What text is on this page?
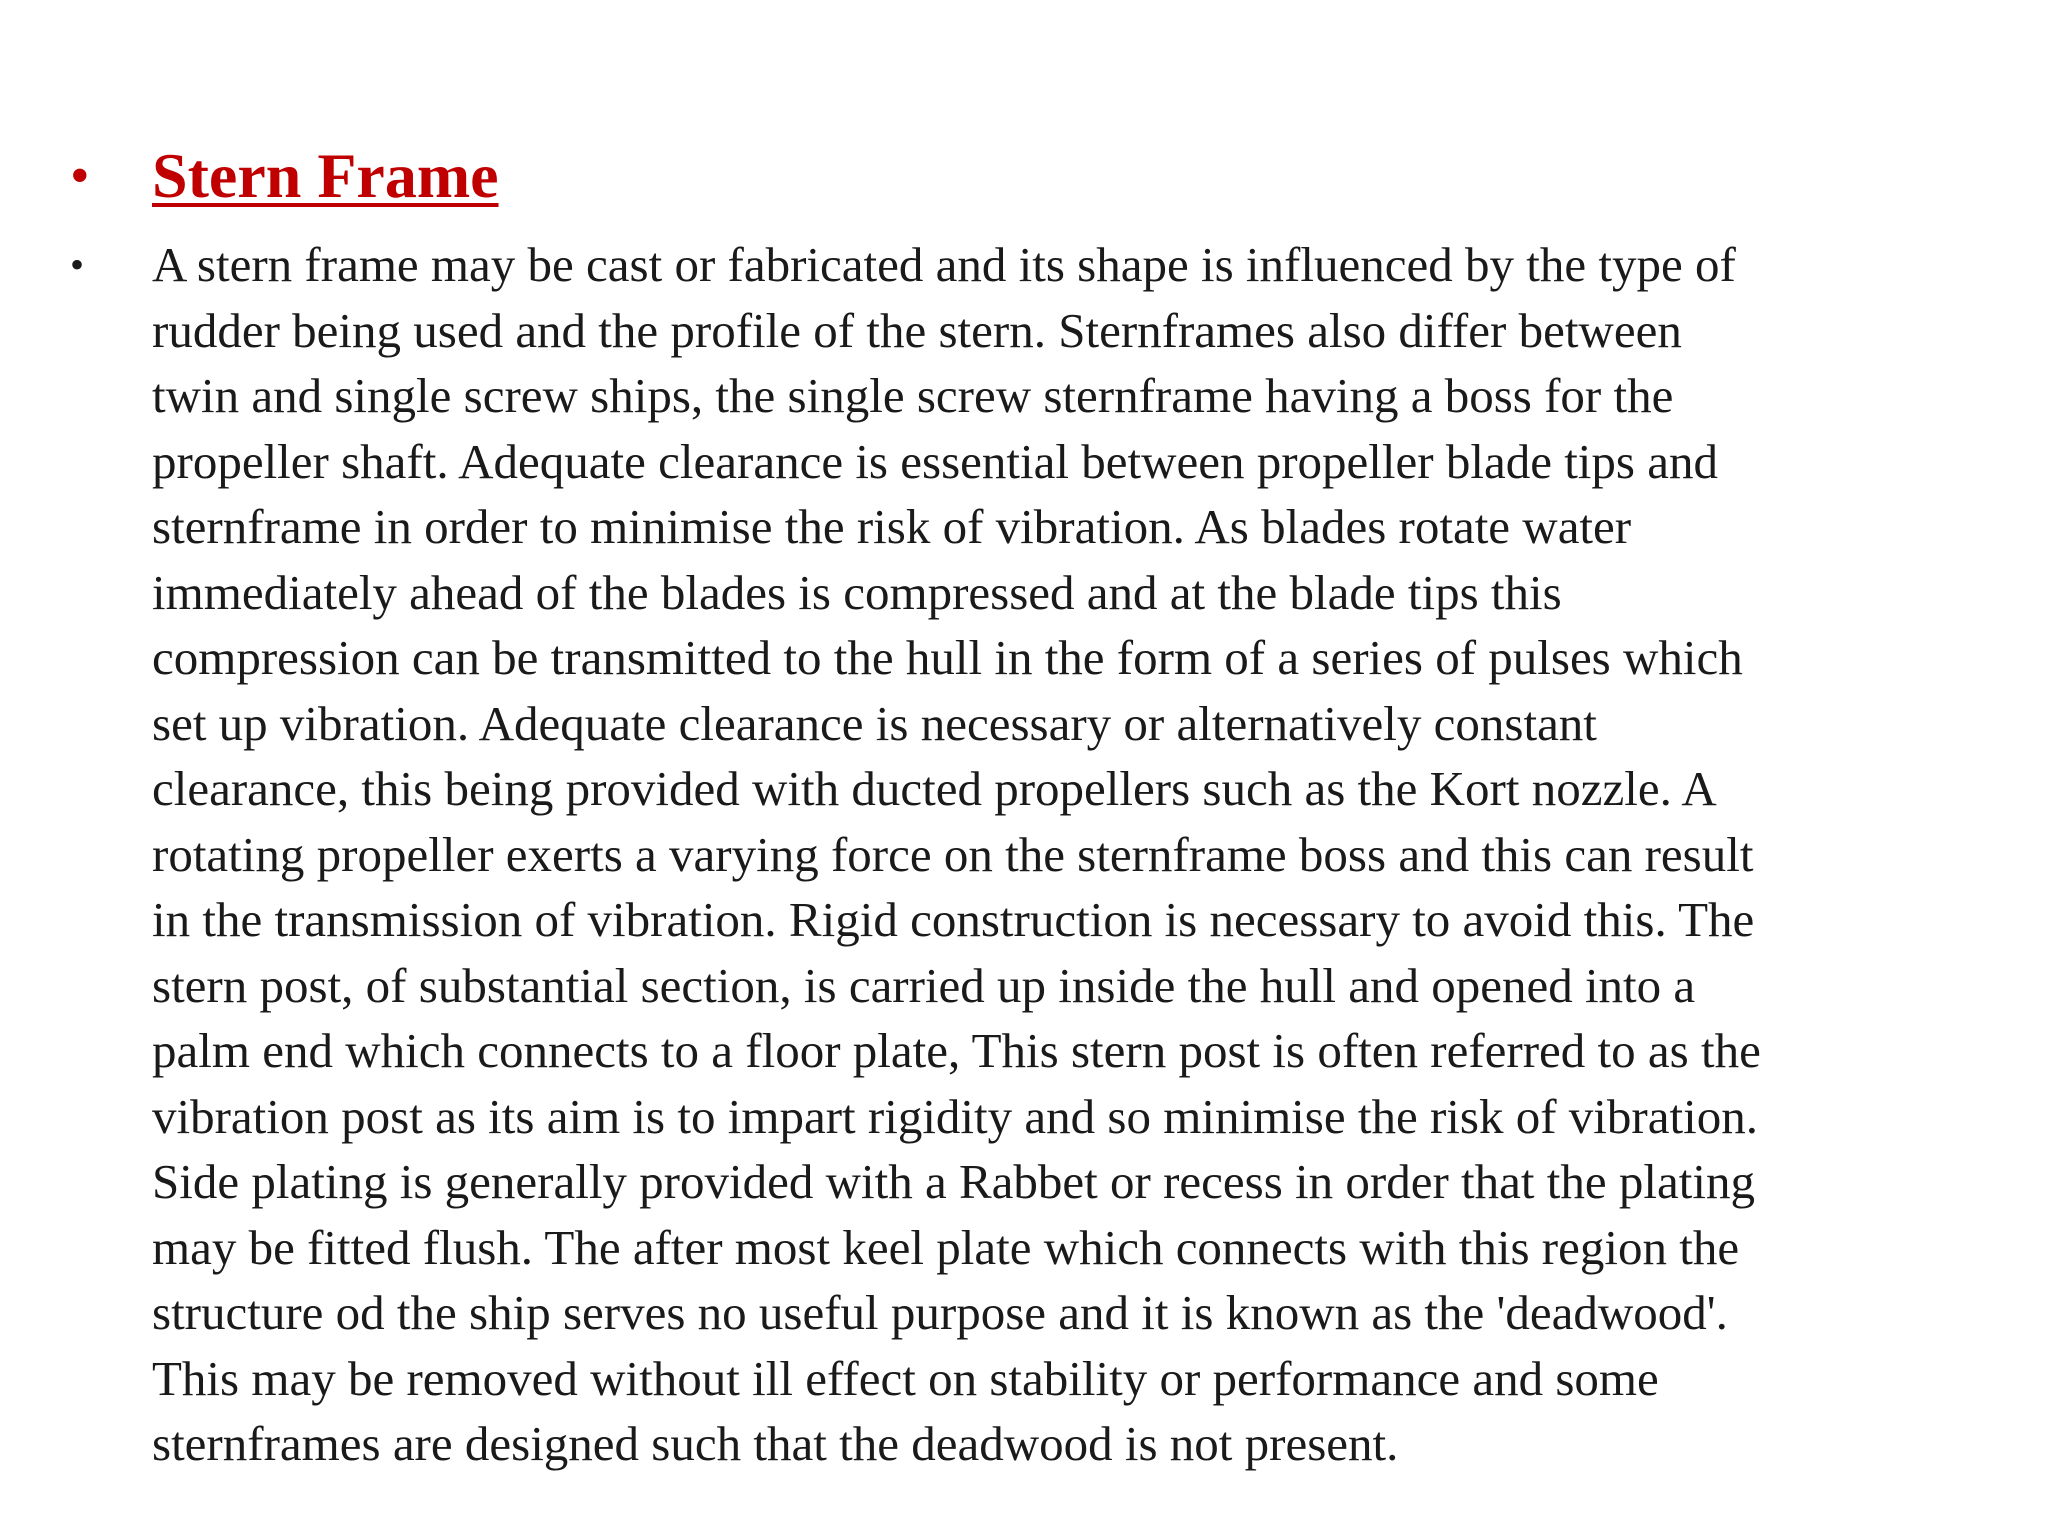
• Stern Frame
•	A stern frame may be cast or fabricated and its shape is influenced by the type of
rudder being used and the profile of the stern. Sternframes also differ between
twin and single screw ships, the single screw sternframe having a boss for the
propeller shaft. Adequate clearance is essential between propeller blade tips and
sternframe in order to minimise the risk of vibration. As blades rotate water
immediately ahead of the blades is compressed and at the blade tips this
compression can be transmitted to the hull in the form of a series of pulses which
set up vibration. Adequate clearance is necessary or alternatively constant
clearance, this being provided with ducted propellers such as the Kort nozzle. A
rotating propeller exerts a varying force on the sternframe boss and this can result
in the transmission of vibration. Rigid construction is necessary to avoid this. The
stern post, of substantial section, is carried up inside the hull and opened into a
palm end which connects to a floor plate, This stern post is often referred to as the
vibration post as its aim is to impart rigidity and so minimise the risk of vibration.
Side plating is generally provided with a Rabbet or recess in order that the plating
may be fitted flush. The after most keel plate which connects with this region the
structure od the ship serves no useful purpose and it is known as the 'deadwood'.
This may be removed without ill effect on stability or performance and some
sternframes are designed such that the deadwood is not present.
